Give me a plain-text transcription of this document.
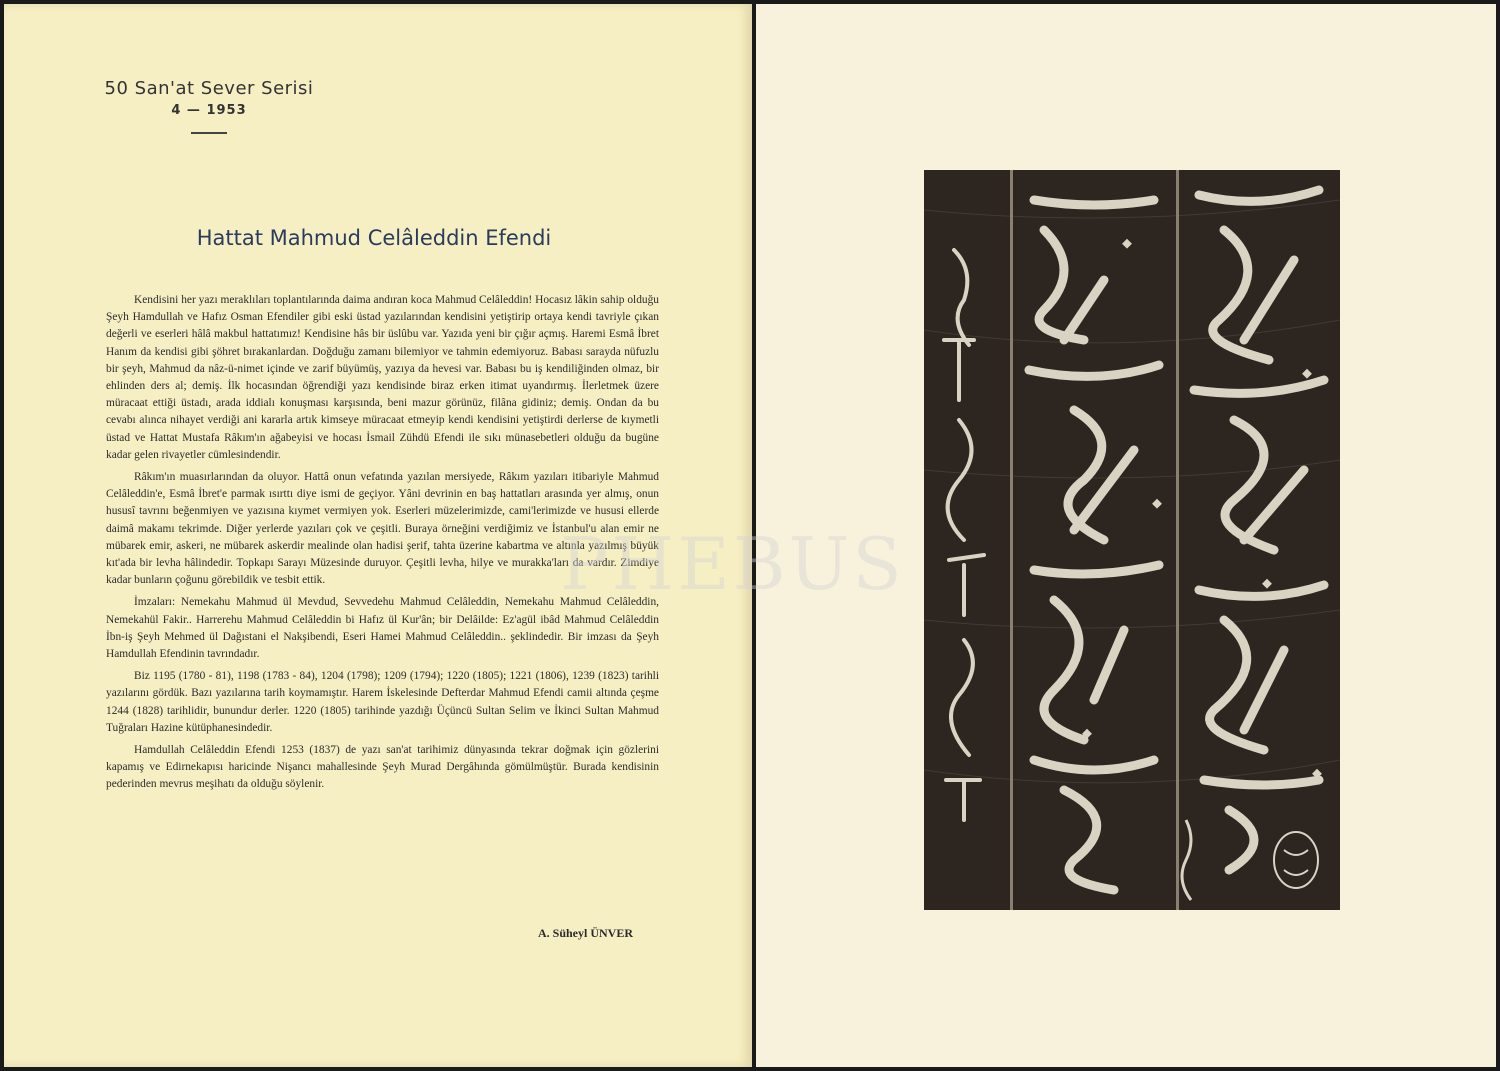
50 San'at Sever Serisi
4 — 1953
Hattat Mahmud Celâleddin Efendi

Kendisini her yazı meraklıları toplantılarında daima andıran koca Mahmud Celâleddin! Hocasız lâkin sahip olduğu Şeyh Hamdullah ve Hafız Osman Efendiler gibi eski üstad yazılarından kendisini yetiştirip ortaya kendi tavriyle çıkan değerli ve eserleri hâlâ makbul hattatımız! Kendisine hâs bir üslûbu var. Yazıda yeni bir çığır açmış. Haremi Esmâ İbret Hanım da kendisi gibi şöhret bırakanlardan. Doğduğu zamanı bilemiyor ve tahmin edemiyoruz. Babası sarayda nüfuzlu bir şeyh, Mahmud da nâz-ü-nimet içinde ve zarif büyümüş, yazıya da hevesi var. Babası bu iş kendiliğinden olmaz, bir ehlinden ders al; demiş. İlk hocasından öğrendiği yazı kendisinde biraz erken itimat uyandırmış. İlerletmek üzere müracaat ettiği üstadı, arada iddialı konuşması karşısında, beni mazur görünüz, filâna gidiniz; demiş. Ondan da bu cevabı alınca nihayet verdiği ani kararla artık kimseye müracaat etmeyip kendi kendisini yetiştirdi derlerse de kıymetli üstad ve Hattat Mustafa Râkım'ın ağabeyisi ve hocası İsmail Zühdü Efendi ile sıkı münasebetleri olduğu da bugüne kadar gelen rivayetler cümlesindendir.

Râkım'ın muasırlarından da oluyor. Hattâ onun vefatında yazılan mersiyede, Râkım yazıları itibariyle Mahmud Celâleddin'e, Esmâ İbret'e parmak ısırttı diye ismi de geçiyor. Yâni devrinin en baş hattatları arasında yer almış, onun hususî tavrını beğenmiyen ve yazısına kıymet vermiyen yok. Eserleri müzelerimizde, cami'lerimizde ve hususi ellerde daimâ makamı tekrimde. Diğer yerlerde yazıları çok ve çeşitli. Buraya örneğini verdiğimiz ve İstanbul'u alan emir ne mübarek emir, askeri, ne mübarek askerdir mealinde olan hadisi şerif, tahta üzerine kabartma ve altınla yazılmış büyük kıt'ada bir levha hâlindedir. Topkapı Sarayı Müzesinde duruyor. Çeşitli levha, hilye ve murakka'ları da vardır. Zimdiye kadar bunların çoğunu görebildik ve tesbit ettik.

İmzaları: Nemekahu Mahmud ül Mevdud, Sevvedehu Mahmud Celâleddin, Nemekahu Mahmud Celâleddin, Nemekahül Fakir.. Harrerehu Mahmud Celâleddin bi Hafız ül Kur'ân; bir Delâilde: Ez'agül ibâd Mahmud Celâleddin İbn-iş Şeyh Mehmed ül Dağıstani el Nakşibendi, Eseri Hamei Mahmud Celâleddin.. şeklindedir. Bir imzası da Şeyh Hamdullah Efendinin tavrındadır.

Biz 1195 (1780 - 81), 1198 (1783 - 84), 1204 (1798); 1209 (1794); 1220 (1805); 1221 (1806), 1239 (1823) tarihli yazılarını gördük. Bazı yazılarına tarih koymamıştır. Harem İskelesinde Defterdar Mahmud Efendi camii altında çeşme 1244 (1828) tarihlidir, bunundur derler. 1220 (1805) tarihinde yazdığı Üçüncü Sultan Selim ve İkinci Sultan Mahmud Tuğraları Hazine kütüphanesindedir.

Hamdullah Celâleddin Efendi 1253 (1837) de yazı san'at tarihimiz dünyasında tekrar doğmak için gözlerini kapamış ve Edirnekapısı haricinde Nişancı mahallesinde Şeyh Murad Dergâhında gömülmüştür. Burada kendisinin pederinden mevrus meşihatı da olduğu söylenir.

A. Süheyl ÜNVER
PHEBUS
